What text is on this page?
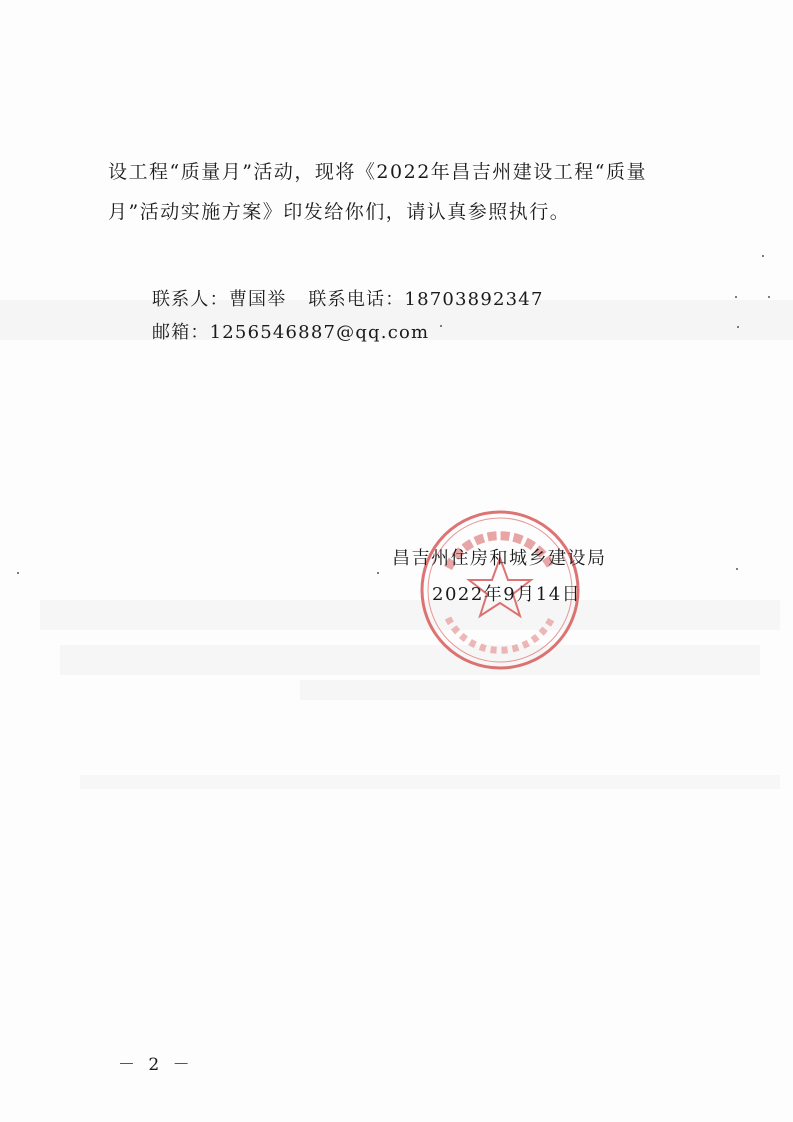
设工程“质量月”活动，现将《2022年昌吉州建设工程“质量
月”活动实施方案》印发给你们，请认真参照执行。
联系人：曹国举 联系电话：18703892347
邮箱：1256546887@qq.com
昌吉州住房和城乡建设局
2022年9月14日
－ 2 －
